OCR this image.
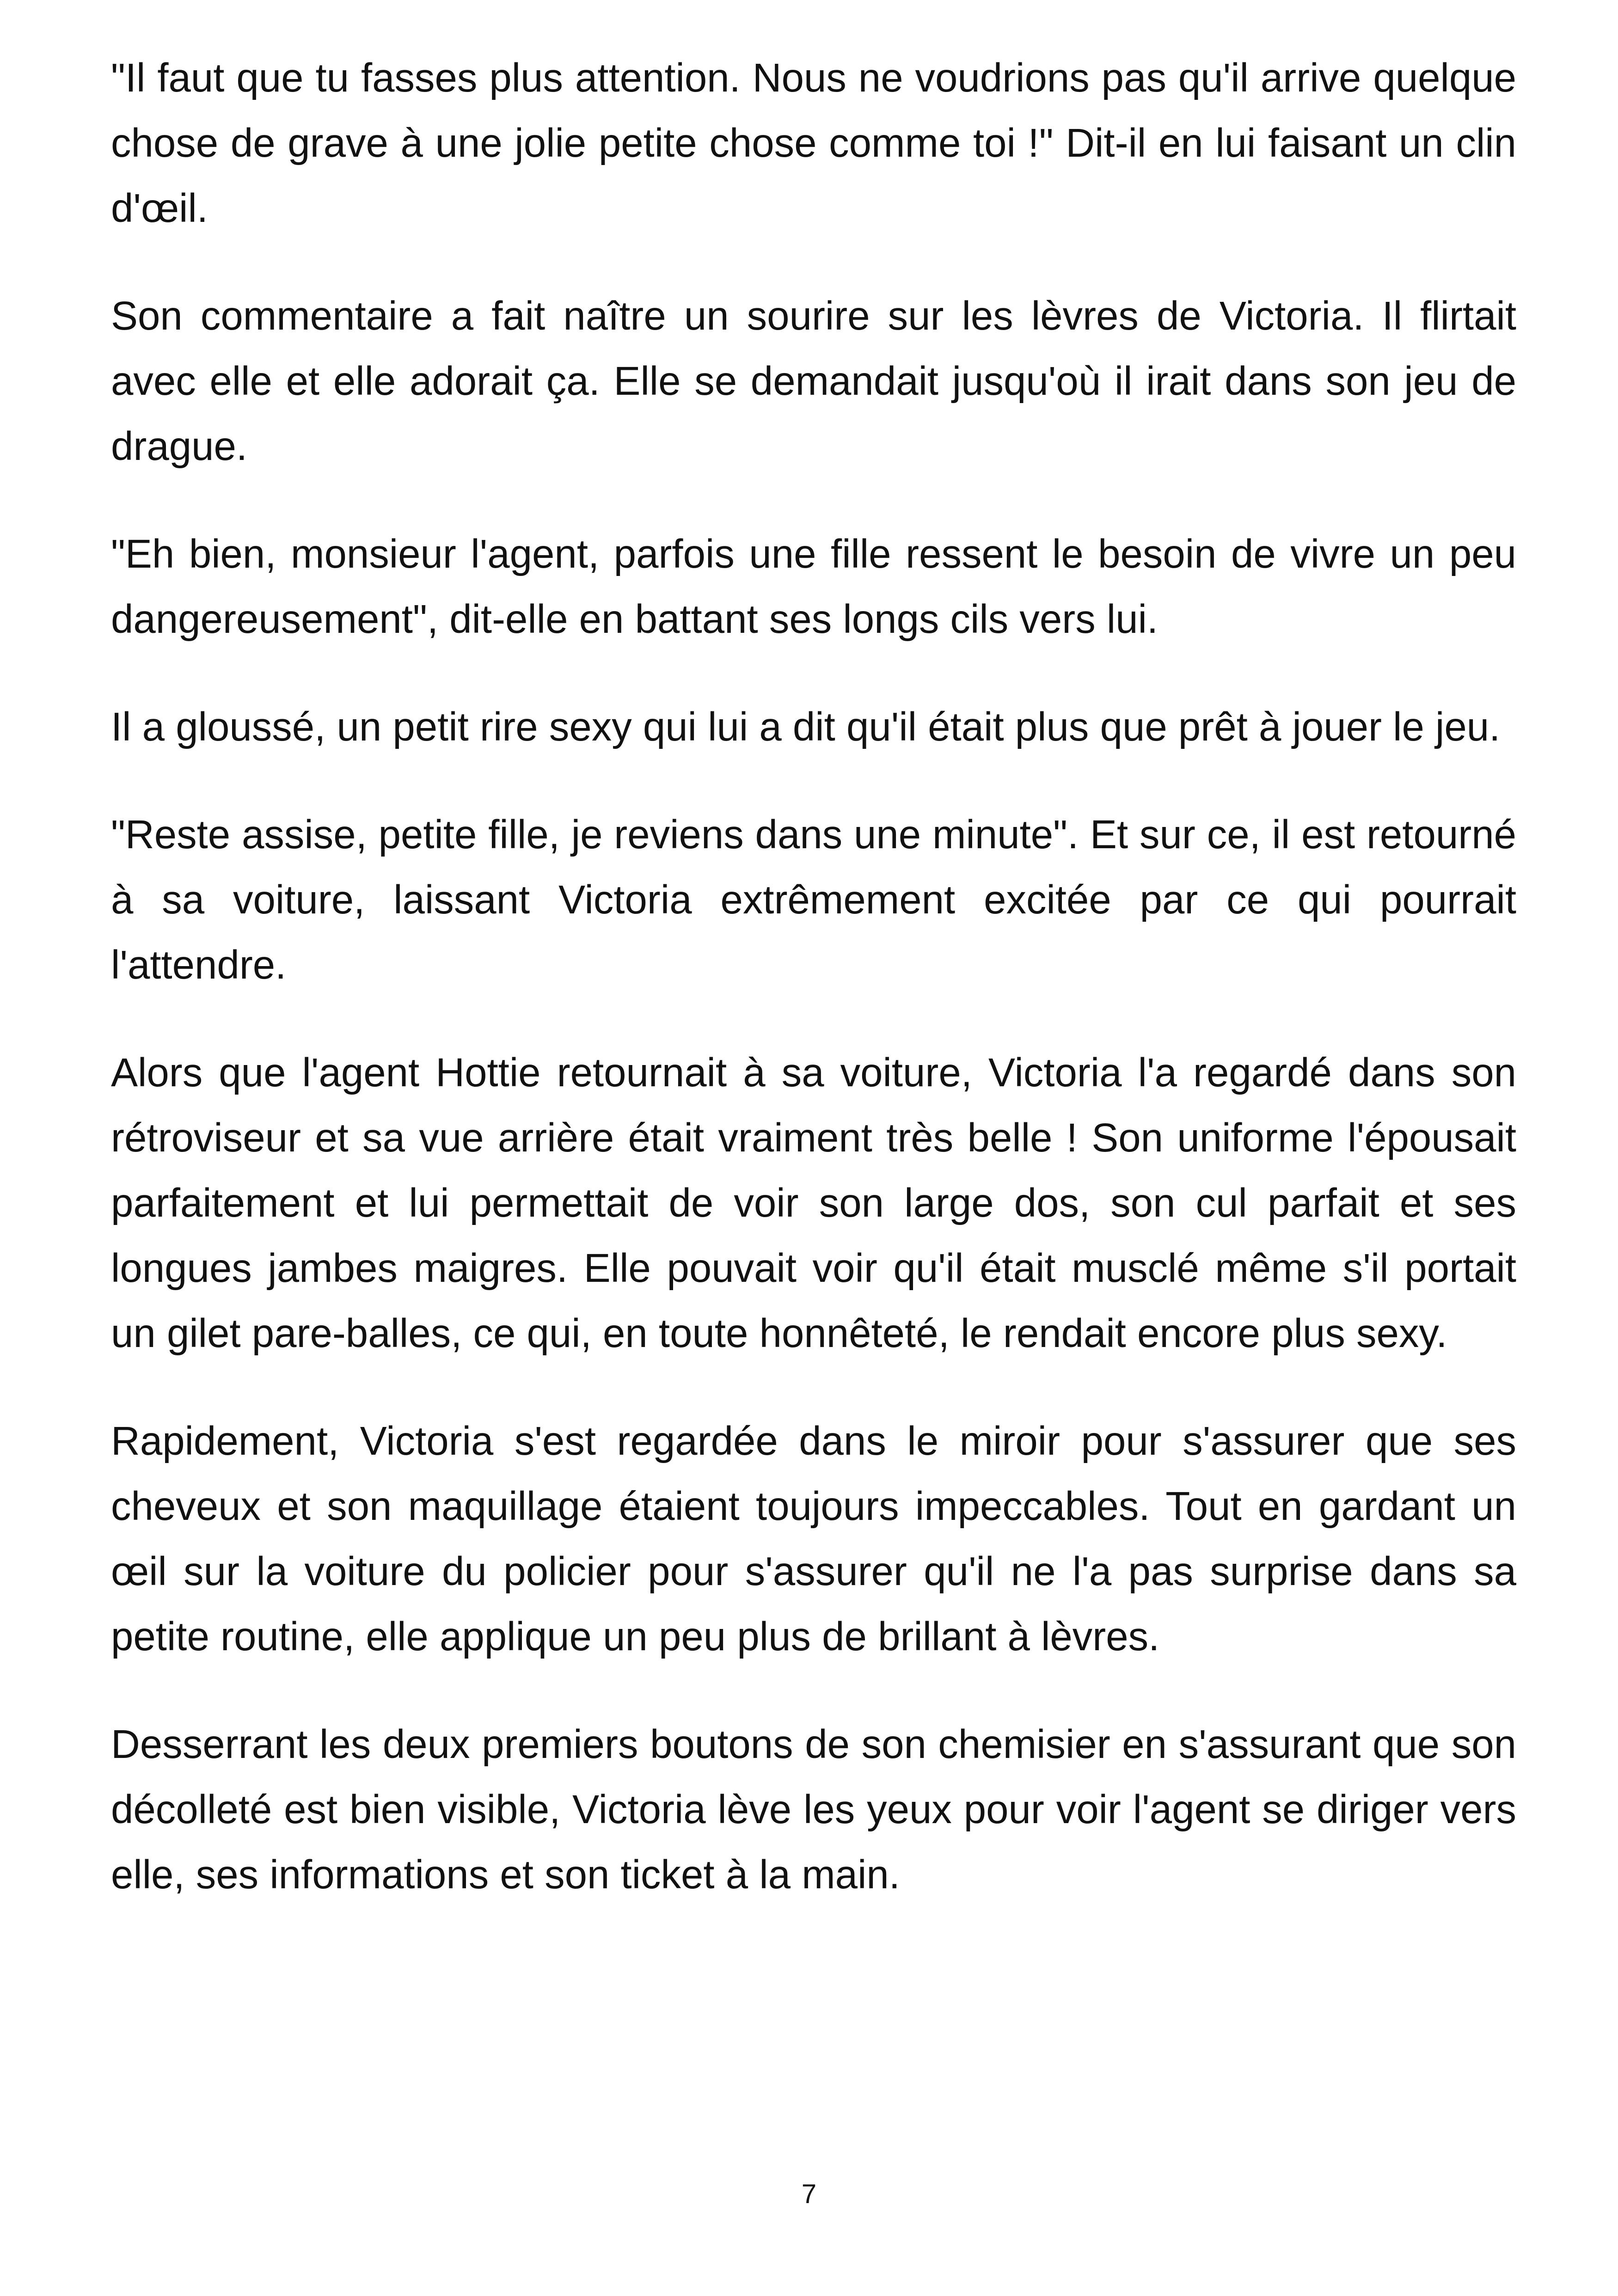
"Il faut que tu fasses plus attention. Nous ne voudrions pas qu'il arrive quelque chose de grave à une jolie petite chose comme toi !" Dit-il en lui faisant un clin d'œil.

Son commentaire a fait naître un sourire sur les lèvres de Victoria. Il flirtait avec elle et elle adorait ça. Elle se demandait jusqu'où il irait dans son jeu de drague.

"Eh bien, monsieur l'agent, parfois une fille ressent le besoin de vivre un peu dangereusement", dit-elle en battant ses longs cils vers lui.

Il a gloussé, un petit rire sexy qui lui a dit qu'il était plus que prêt à jouer le jeu.

"Reste assise, petite fille, je reviens dans une minute". Et sur ce, il est retourné à sa voiture, laissant Victoria extrêmement excitée par ce qui pourrait l'attendre.

Alors que l'agent Hottie retournait à sa voiture, Victoria l'a regardé dans son rétroviseur et sa vue arrière était vraiment très belle ! Son uniforme l'épousait parfaitement et lui permettait de voir son large dos, son cul parfait et ses longues jambes maigres. Elle pouvait voir qu'il était musclé même s'il portait un gilet pare-balles, ce qui, en toute honnêteté, le rendait encore plus sexy.

Rapidement, Victoria s'est regardée dans le miroir pour s'assurer que ses cheveux et son maquillage étaient toujours impeccables. Tout en gardant un œil sur la voiture du policier pour s'assurer qu'il ne l'a pas surprise dans sa petite routine, elle applique un peu plus de brillant à lèvres.

Desserrant les deux premiers boutons de son chemisier en s'assurant que son décolleté est bien visible, Victoria lève les yeux pour voir l'agent se diriger vers elle, ses informations et son ticket à la main.

7
